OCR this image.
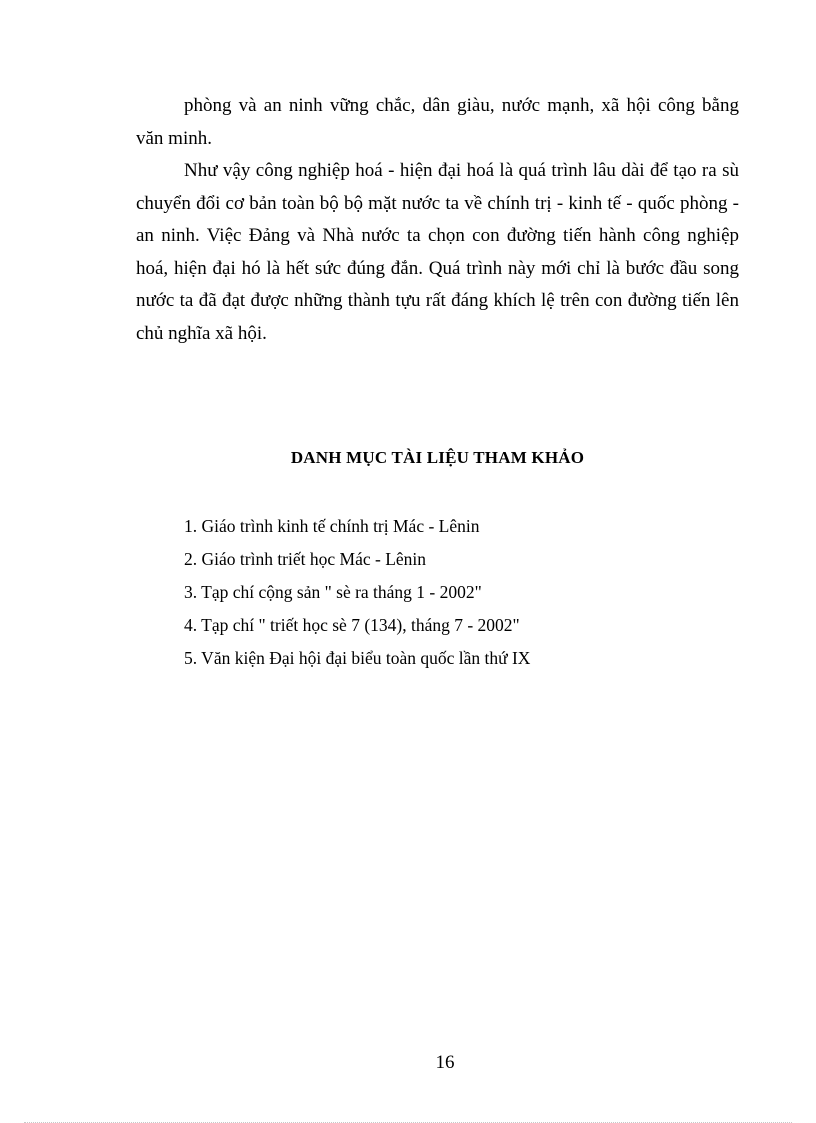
phòng và an ninh vững chắc, dân giàu, nước mạnh, xã hội công bằng văn minh.

Như vậy công nghiệp hoá - hiện đại hoá là quá trình lâu dài để tạo ra sù chuyển đổi cơ bản toàn bộ bộ mặt nước ta về chính trị - kinh tế - quốc phòng - an ninh. Việc Đảng và Nhà nước ta chọn con đường tiến hành công nghiệp hoá, hiện đại hó là hết sức đúng đắn. Quá trình này mới chỉ là bước đầu song nước ta đã đạt được những thành tựu rất đáng khích lệ trên con đường tiến lên chủ nghĩa xã hội.

DANH MỤC TÀI LIỆU THAM KHẢO
1. Giáo trình kinh tế chính trị Mác - Lênin
2. Giáo trình triết học Mác - Lênin
3. Tạp chí cộng sản " sè ra tháng 1 - 2002"
4. Tạp chí " triết học sè 7 (134), tháng 7 - 2002"
5. Văn kiện Đại hội đại biểu toàn quốc lần thứ IX
16
